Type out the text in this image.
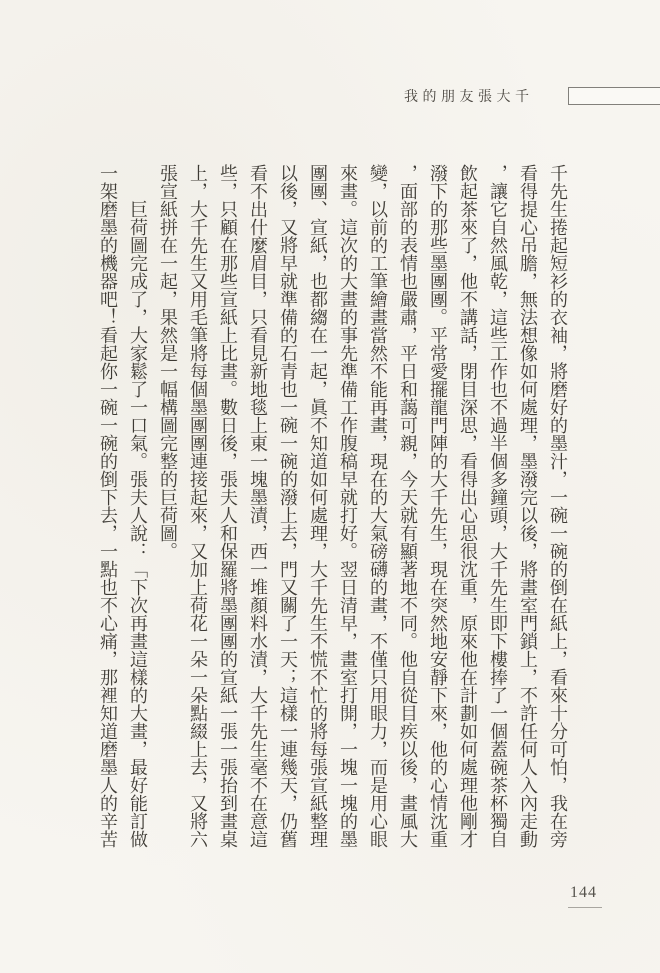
我的朋友張大千

千先生捲起短衫的衣袖，將磨好的墨汁，一碗一碗的倒在紙上，看來十分可怕，我在旁看得提心吊膽，無法想像如何處理，墨潑完以後，將畫室門鎖上，不許任何人入內走動，讓它自然風乾，這些工作也不過半個多鐘頭，大千先生即下樓捧了一個蓋碗茶杯獨自飲起茶來了，他不講話，閉目深思，看得出心思很沈重，原來他在計劃如何處理他剛才潑下的那些墨團團。平常愛擺龍門陣的大千先生，現在突然地安靜下來，他的心情沈重，面部的表情也嚴肅，平日和藹可親，今天就有顯著地不同。他自從目疾以後，畫風大變，以前的工筆繪畫當然不能再畫，現在的大氣磅礴的畫，不僅只用眼力，而是用心眼來畫。這次的大畫的事先準備工作腹稿早就打好。翌日清早，畫室打開，一塊一塊的墨團團、宣紙，也都縐在一起，眞不知道如何處理，大千先生不慌不忙的將每張宣紙整理以後，又將早就準備的石青也一碗一碗的潑上去，門又關了一天；這樣一連幾天，仍舊看不出什麼眉目，只看見新地毯上東一塊墨漬，西一堆顏料水漬，大千先生毫不在意這些，只顧在那些宣紙上比畫。數日後，張夫人和保羅將墨團團的宣紙一張一張抬到畫桌上，大千先生又用毛筆將每個墨團團連接起來，又加上荷花一朵一朵點綴上去，又將六張宣紙拼在一起，果然是一幅構圖完整的巨荷圖。

巨荷圖完成了，大家鬆了一口氣。張夫人說：「下次再畫這樣的大畫，最好能訂做一架磨墨的機器吧！看起你一碗一碗的倒下去，一點也不心痛，那裡知道磨墨人的辛苦

144
